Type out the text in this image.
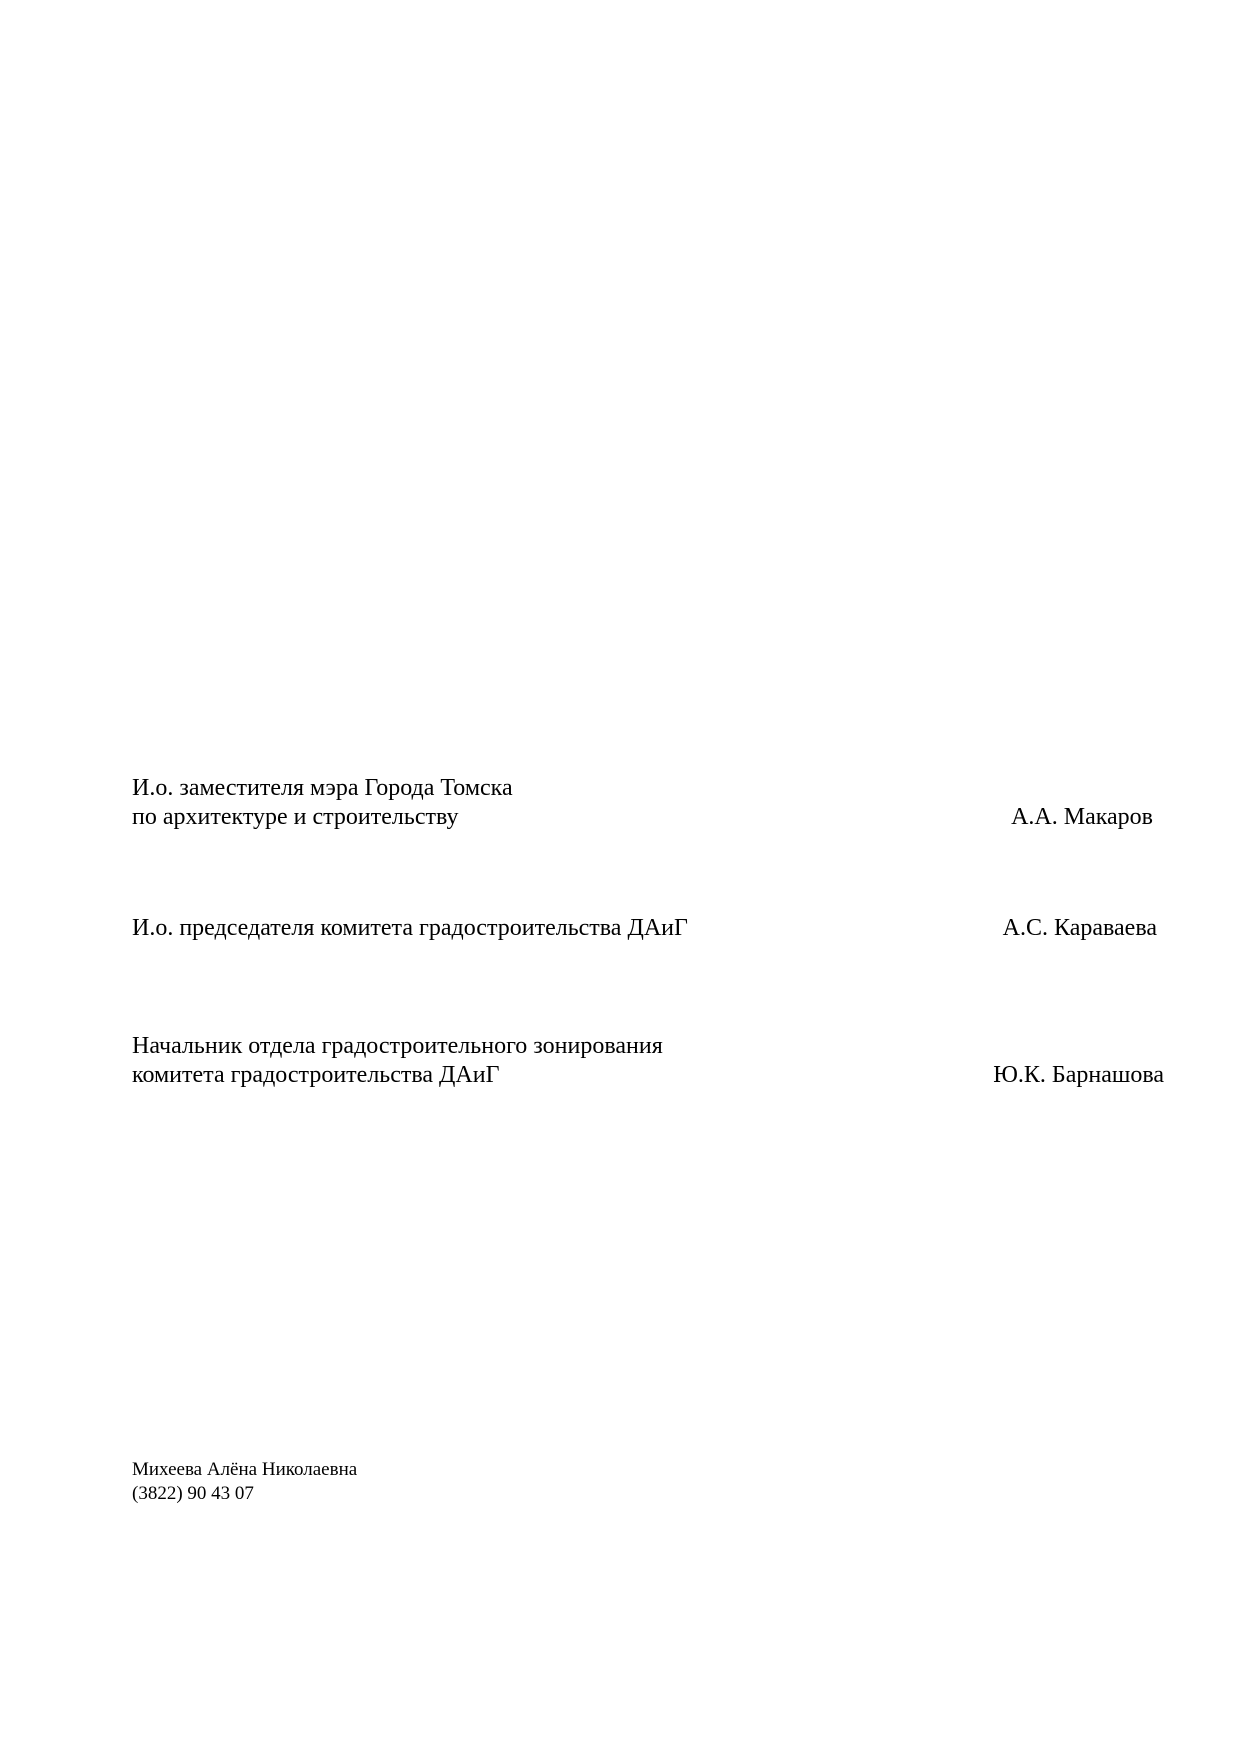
И.о. заместителя мэра Города Томска
по архитектуре и строительству	А.А. Макаров
И.о. председателя комитета градостроительства ДАиГ	А.С. Караваева
Начальник отдела градостроительного зонирования
комитета градостроительства ДАиГ	Ю.К. Барнашова
Михеева Алёна Николаевна
(3822) 90 43 07
